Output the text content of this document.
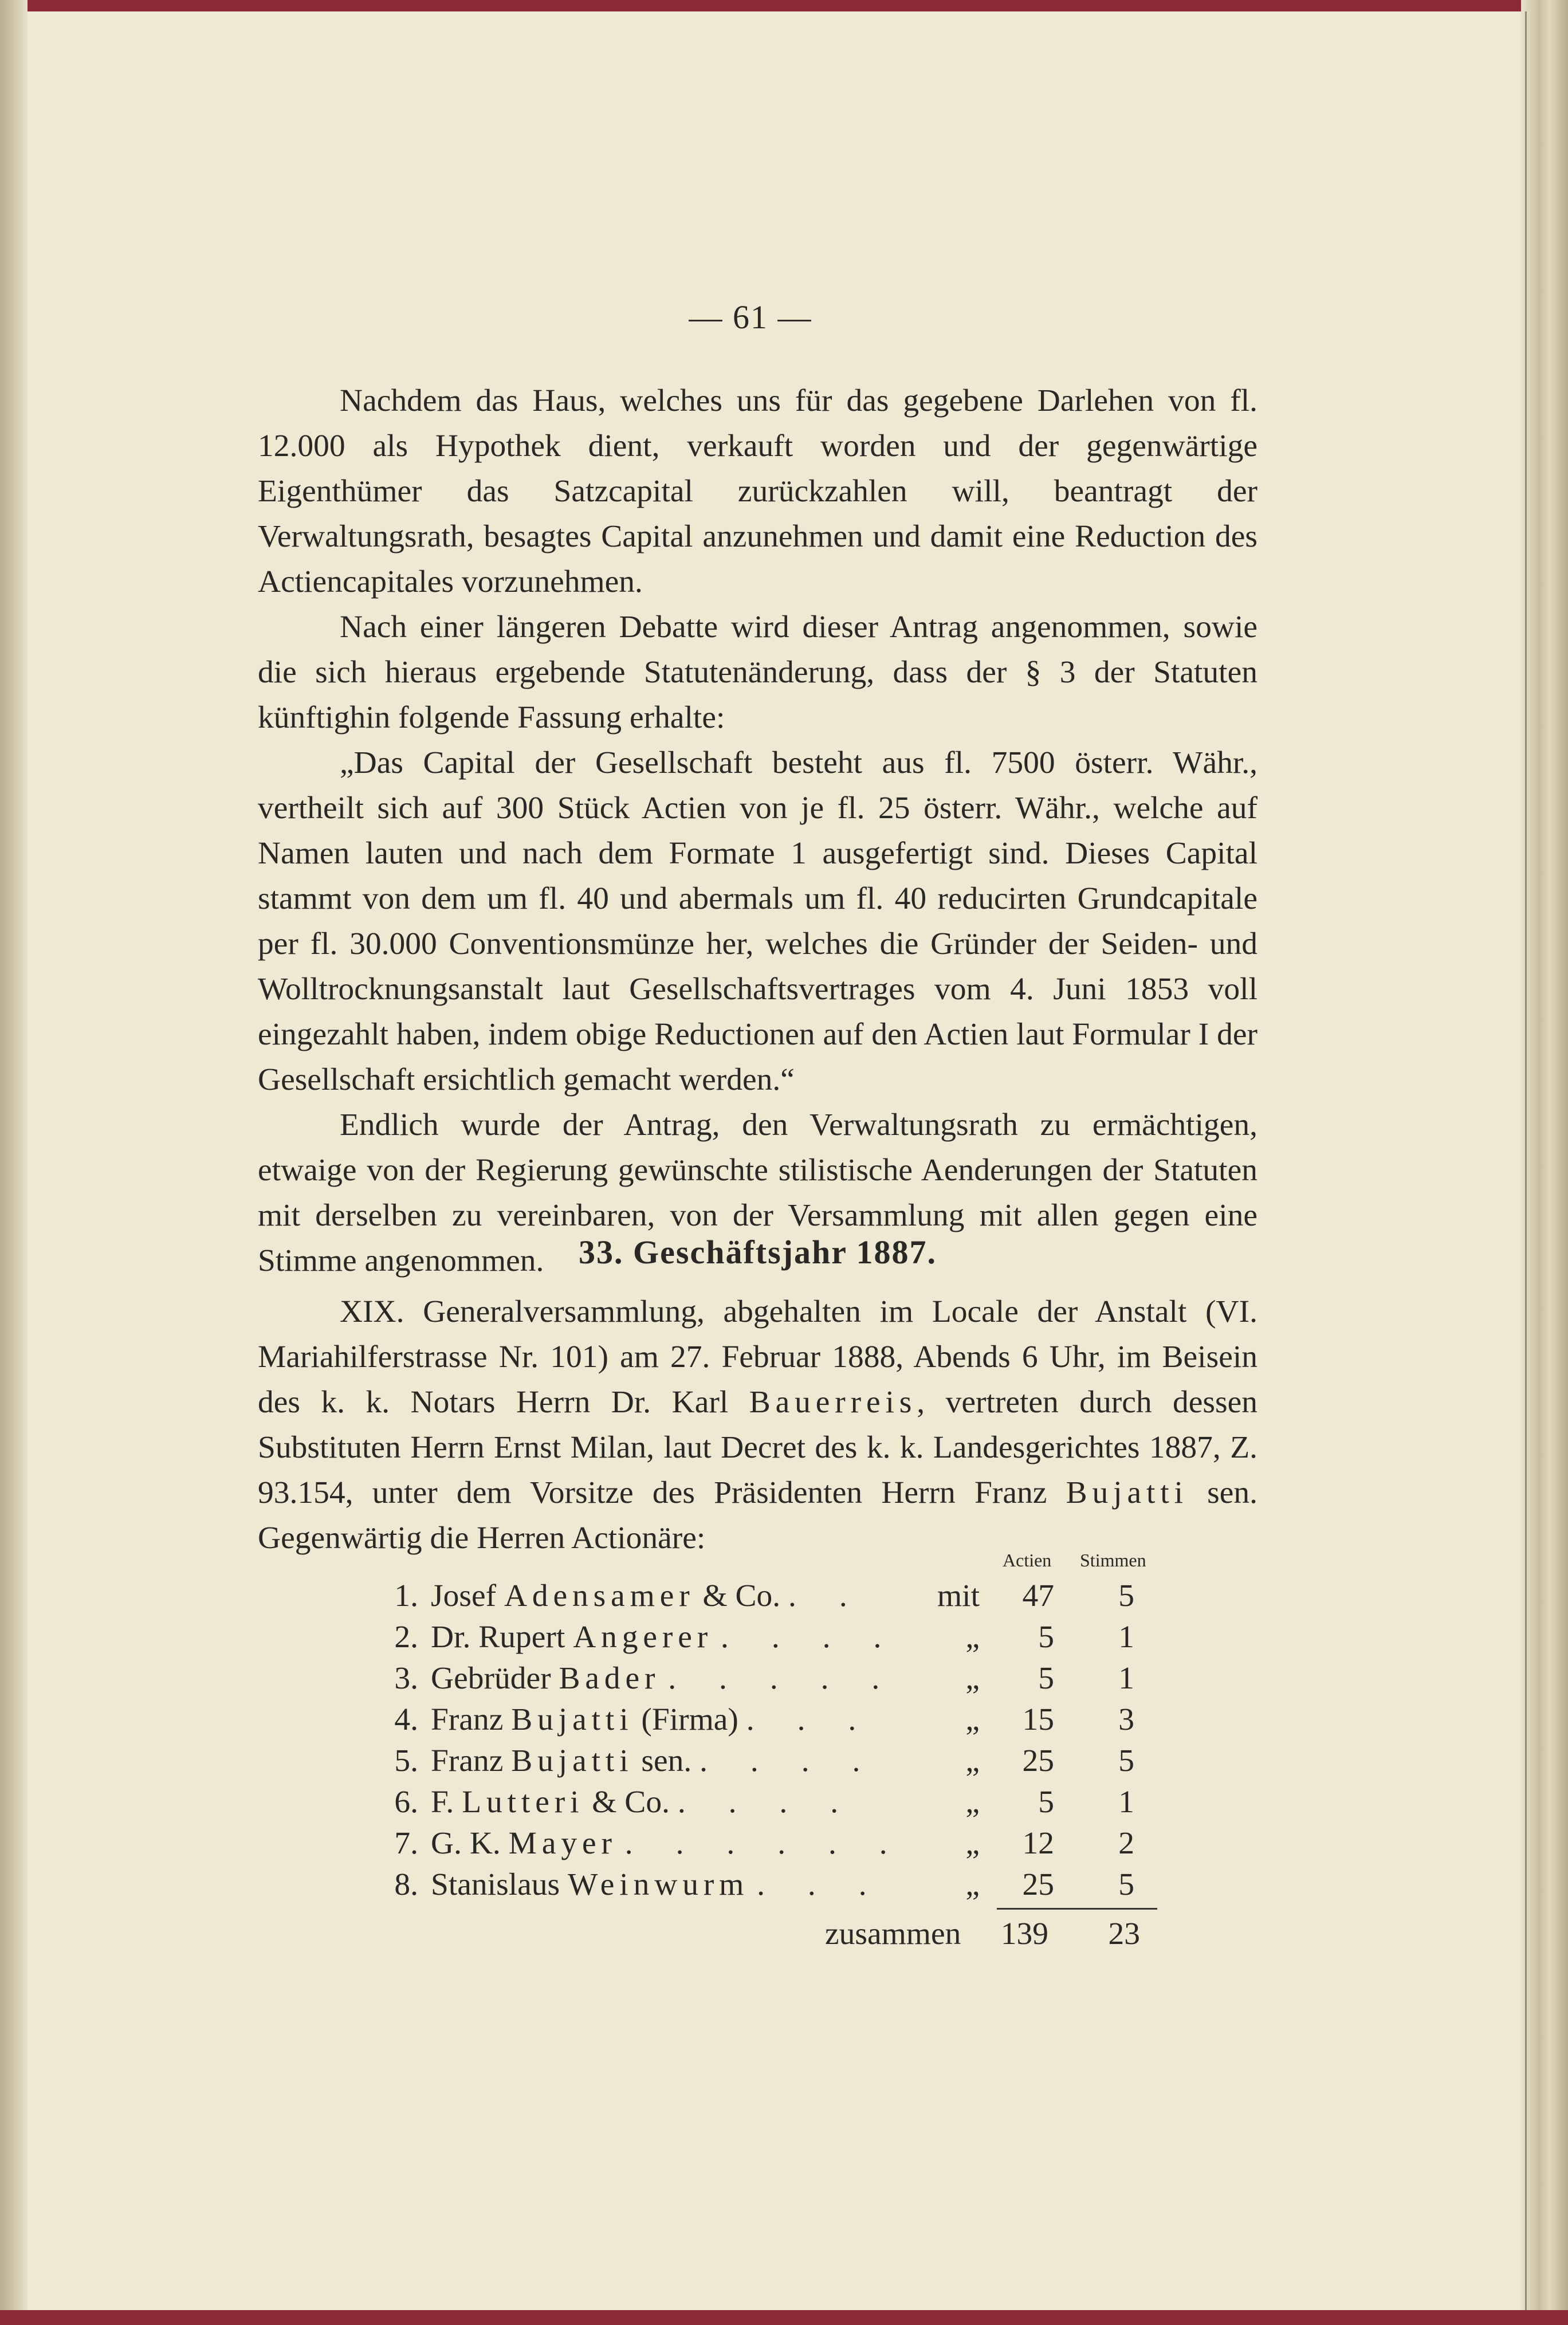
— 61 —

Nachdem das Haus, welches uns für das gegebene Darlehen von fl. 12.000 als Hypothek dient, verkauft worden und der gegenwärtige Eigenthümer das Satzcapital zurückzahlen will, beantragt der Verwaltungsrath, besagtes Capital anzunehmen und damit eine Reduction des Actiencapitales vorzunehmen.

Nach einer längeren Debatte wird dieser Antrag angenommen, sowie die sich hieraus ergebende Statutenänderung, dass der § 3 der Statuten künftighin folgende Fassung erhalte:

„Das Capital der Gesellschaft besteht aus fl. 7500 österr. Währ., vertheilt sich auf 300 Stück Actien von je fl. 25 österr. Währ., welche auf Namen lauten und nach dem Formate 1 ausgefertigt sind. Dieses Capital stammt von dem um fl. 40 und abermals um fl. 40 reducirten Grundcapitale per fl. 30.000 Conventionsmünze her, welches die Gründer der Seiden- und Wolltrocknungsanstalt laut Gesellschaftsvertrages vom 4. Juni 1853 voll eingezahlt haben, indem obige Reductionen auf den Actien laut Formular I der Gesellschaft ersichtlich gemacht werden.“

Endlich wurde der Antrag, den Verwaltungsrath zu ermächtigen, etwaige von der Regierung gewünschte stilistische Aenderungen der Statuten mit derselben zu vereinbaren, von der Versammlung mit allen gegen eine Stimme angenommen.	33. Geschäftsjahr 1887.

XIX. Generalversammlung, abgehalten im Locale der Anstalt (VI. Mariahilferstrasse Nr. 101) am 27. Februar 1888, Abends 6 Uhr, im Beisein des k. k. Notars Herrn Dr. Karl Bauerreis, vertreten durch dessen Substituten Herrn Ernst Milan, laut Decret des k. k. Landesgerichtes 1887, Z. 93.154, unter dem Vorsitze des Präsidenten Herrn Franz Bujatti sen. Gegenwärtig die Herren Actionäre:

Actien Stimmen
1. Josef Adensamer & Co. . . mit	47	5
2. Dr. Rupert Angerer . . . .	„	5	1
3. Gebrüder Bader . . . . .	„	5	1
4. Franz Bujatti (Firma) . . .	„	15	3
5. Franz Bujatti sen. . . . .	„	25	5
6. F. Lutteri & Co. . . . .	„	5	1
7. G. K. Mayer . . . . . .	„	12	2
8. Stanislaus Weinwurm . . .	„	25	5
zusammen	139	23
